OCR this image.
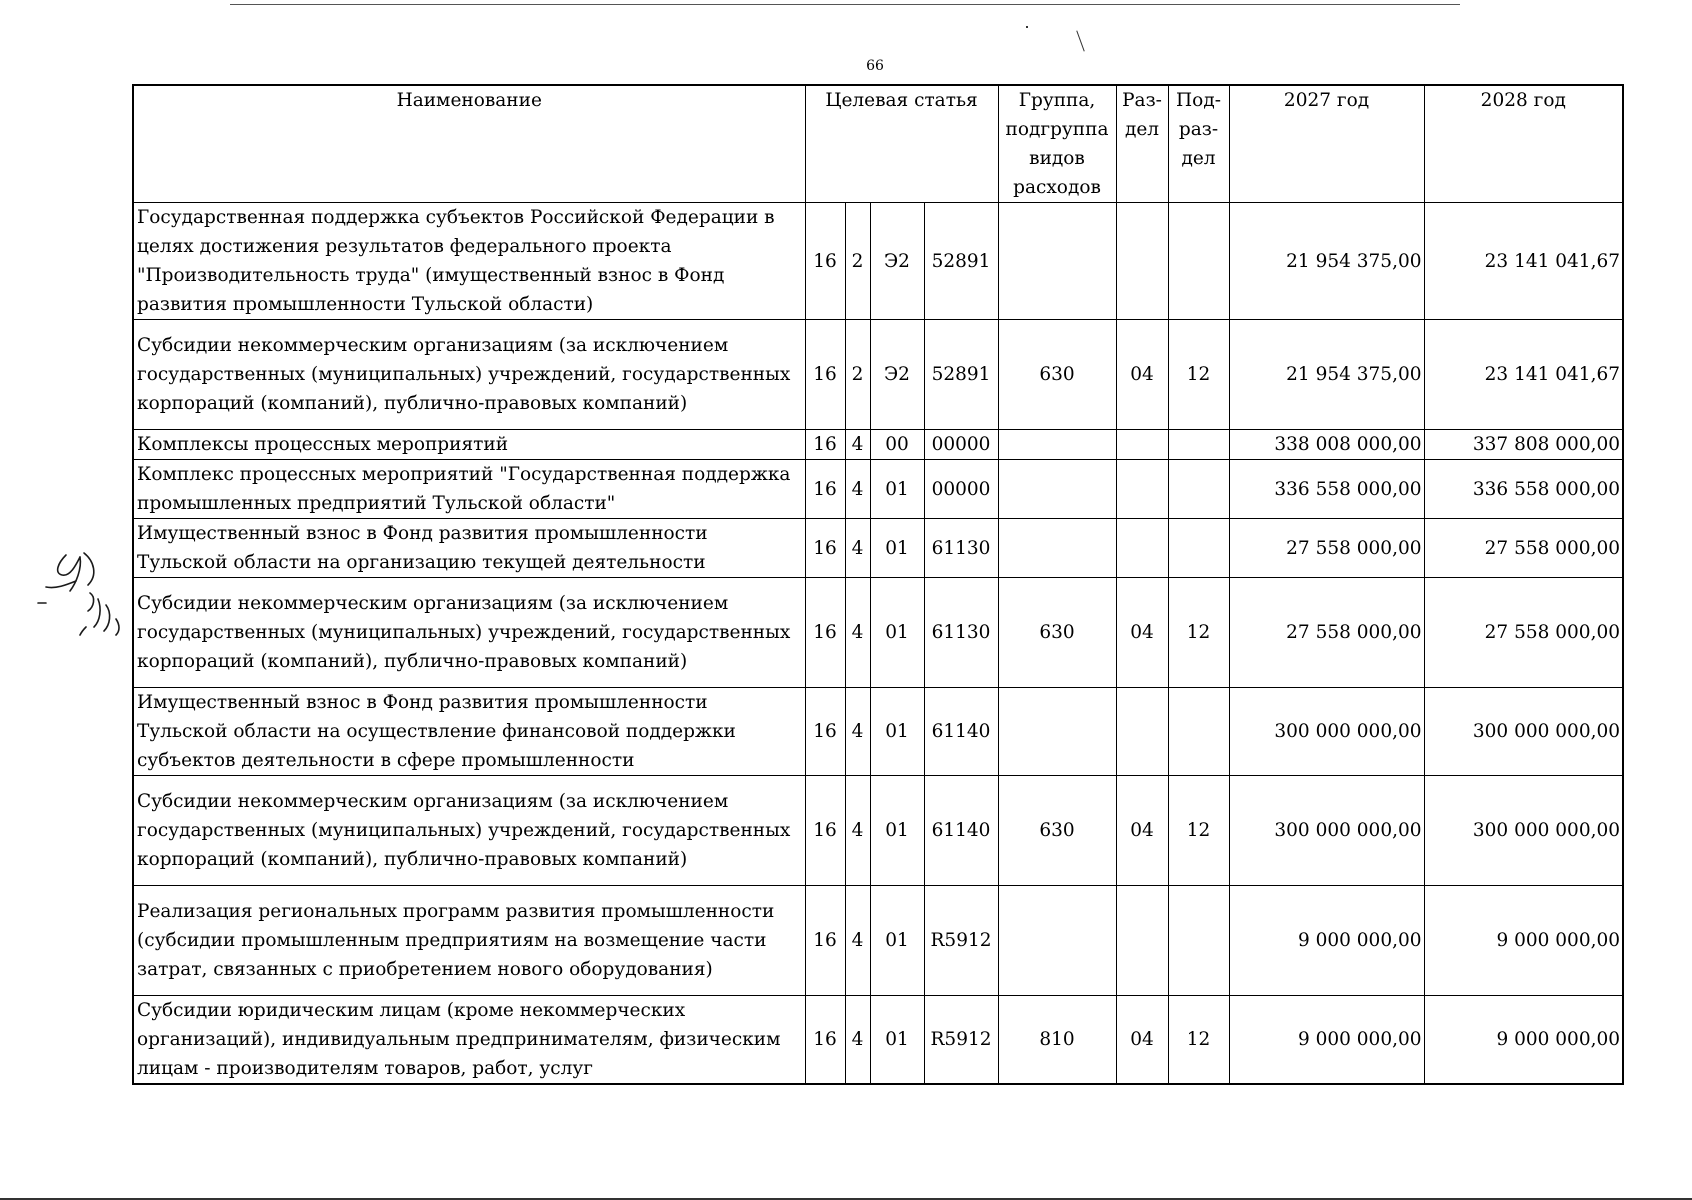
66
Наименование	Целевая статья				Группа, подгруппа видов расходов	Раз-дел	Под-раз-дел	2027 год	2028 год
Государственная поддержка субъектов Российской Федерации в целях достижения результатов федерального проекта "Производительность труда" (имущественный взнос в Фонд развития промышленности Тульской области)	16	2	Э2	52891				21 954 375,00	23 141 041,67
Субсидии некоммерческим организациям (за исключением государственных (муниципальных) учреждений, государственных корпораций (компаний), публично-правовых компаний)	16	2	Э2	52891	630	04	12	21 954 375,00	23 141 041,67
Комплексы процессных мероприятий	16	4	00	00000				338 008 000,00	337 808 000,00
Комплекс процессных мероприятий "Государственная поддержка промышленных предприятий Тульской области"	16	4	01	00000				336 558 000,00	336 558 000,00
Имущественный взнос в Фонд развития промышленности Тульской области на организацию текущей деятельности	16	4	01	61130				27 558 000,00	27 558 000,00
Субсидии некоммерческим организациям (за исключением государственных (муниципальных) учреждений, государственных корпораций (компаний), публично-правовых компаний)	16	4	01	61130	630	04	12	27 558 000,00	27 558 000,00
Имущественный взнос в Фонд развития промышленности Тульской области на осуществление финансовой поддержки субъектов деятельности в сфере промышленности	16	4	01	61140				300 000 000,00	300 000 000,00
Субсидии некоммерческим организациям (за исключением государственных (муниципальных) учреждений, государственных корпораций (компаний), публично-правовых компаний)	16	4	01	61140	630	04	12	300 000 000,00	300 000 000,00
Реализация региональных программ развития промышленности (субсидии промышленным предприятиям на возмещение части затрат, связанных с приобретением нового оборудования)	16	4	01	R5912				9 000 000,00	9 000 000,00
Субсидии юридическим лицам (кроме некоммерческих организаций), индивидуальным предпринимателям, физическим лицам - производителям товаров, работ, услуг	16	4	01	R5912	810	04	12	9 000 000,00	9 000 000,00
